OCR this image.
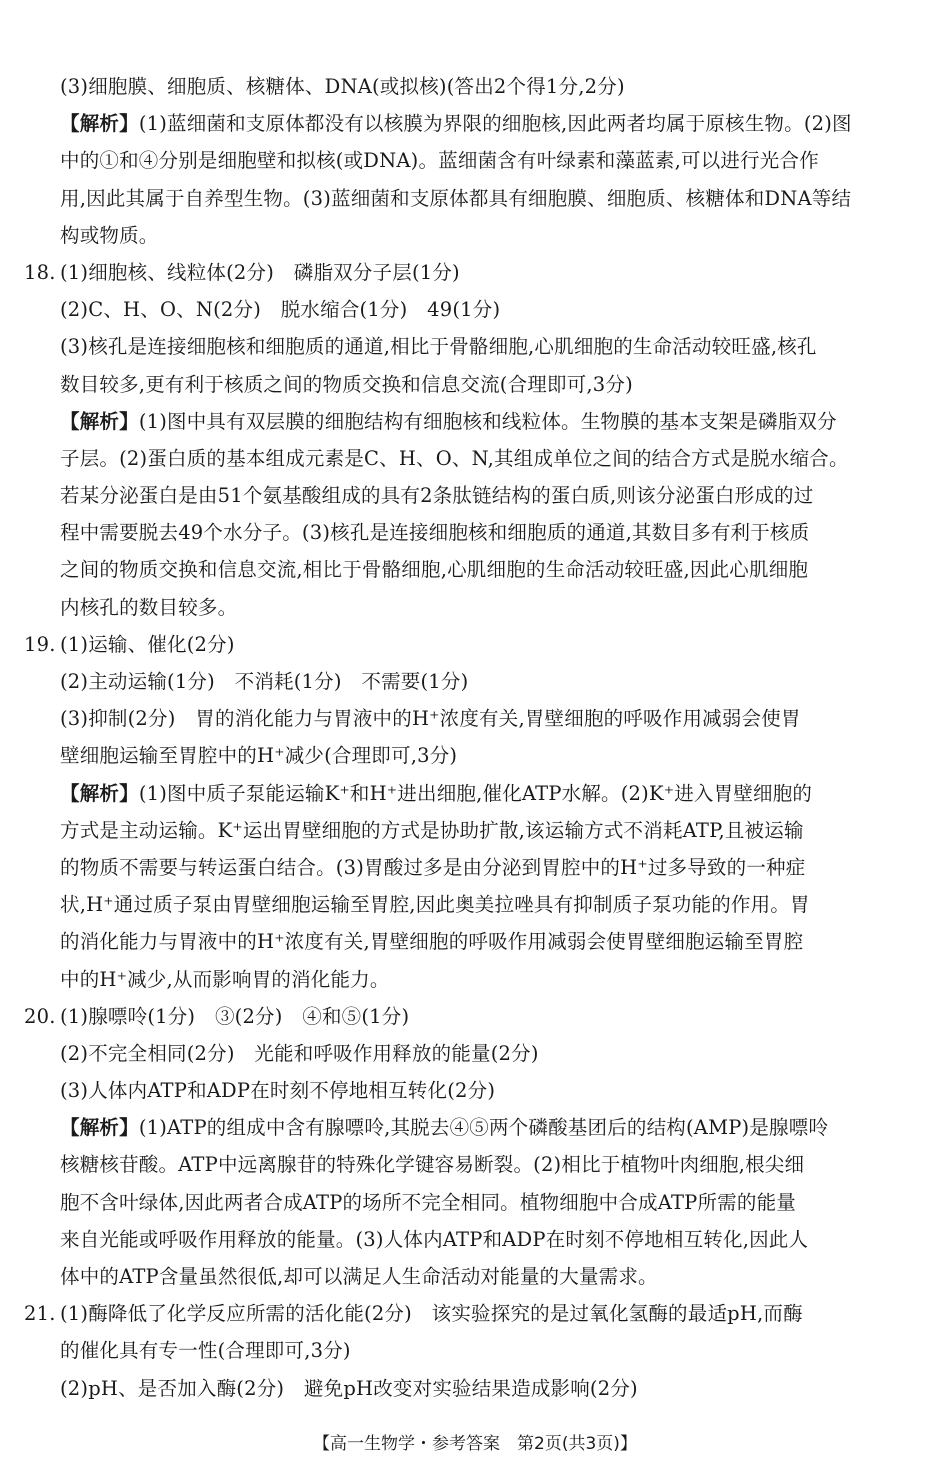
(3)细胞膜、细胞质、核糖体、DNA(或拟核)(答出2个得1分,2分)
【解析】(1)蓝细菌和支原体都没有以核膜为界限的细胞核,因此两者均属于原核生物。(2)图
中的①和④分别是细胞壁和拟核(或DNA)。蓝细菌含有叶绿素和藻蓝素,可以进行光合作
用,因此其属于自养型生物。(3)蓝细菌和支原体都具有细胞膜、细胞质、核糖体和DNA等结
构或物质。
18. (1)细胞核、线粒体(2分)　磷脂双分子层(1分)
(2)C、H、O、N(2分)　脱水缩合(1分)　49(1分)
(3)核孔是连接细胞核和细胞质的通道,相比于骨骼细胞,心肌细胞的生命活动较旺盛,核孔
数目较多,更有利于核质之间的物质交换和信息交流(合理即可,3分)
【解析】(1)图中具有双层膜的细胞结构有细胞核和线粒体。生物膜的基本支架是磷脂双分
子层。(2)蛋白质的基本组成元素是C、H、O、N,其组成单位之间的结合方式是脱水缩合。
若某分泌蛋白是由51个氨基酸组成的具有2条肽链结构的蛋白质,则该分泌蛋白形成的过
程中需要脱去49个水分子。(3)核孔是连接细胞核和细胞质的通道,其数目多有利于核质
之间的物质交换和信息交流,相比于骨骼细胞,心肌细胞的生命活动较旺盛,因此心肌细胞
内核孔的数目较多。
19. (1)运输、催化(2分)
(2)主动运输(1分)　不消耗(1分)　不需要(1分)
(3)抑制(2分)　胃的消化能力与胃液中的H⁺浓度有关,胃壁细胞的呼吸作用减弱会使胃
壁细胞运输至胃腔中的H⁺减少(合理即可,3分)
【解析】(1)图中质子泵能运输K⁺和H⁺进出细胞,催化ATP水解。(2)K⁺进入胃壁细胞的
方式是主动运输。K⁺运出胃壁细胞的方式是协助扩散,该运输方式不消耗ATP,且被运输
的物质不需要与转运蛋白结合。(3)胃酸过多是由分泌到胃腔中的H⁺过多导致的一种症
状,H⁺通过质子泵由胃壁细胞运输至胃腔,因此奥美拉唑具有抑制质子泵功能的作用。胃
的消化能力与胃液中的H⁺浓度有关,胃壁细胞的呼吸作用减弱会使胃壁细胞运输至胃腔
中的H⁺减少,从而影响胃的消化能力。
20. (1)腺嘌呤(1分)　③(2分)　④和⑤(1分)
(2)不完全相同(2分)　光能和呼吸作用释放的能量(2分)
(3)人体内ATP和ADP在时刻不停地相互转化(2分)
【解析】(1)ATP的组成中含有腺嘌呤,其脱去④⑤两个磷酸基团后的结构(AMP)是腺嘌呤
核糖核苷酸。ATP中远离腺苷的特殊化学键容易断裂。(2)相比于植物叶肉细胞,根尖细
胞不含叶绿体,因此两者合成ATP的场所不完全相同。植物细胞中合成ATP所需的能量
来自光能或呼吸作用释放的能量。(3)人体内ATP和ADP在时刻不停地相互转化,因此人
体中的ATP含量虽然很低,却可以满足人生命活动对能量的大量需求。
21. (1)酶降低了化学反应所需的活化能(2分)　该实验探究的是过氧化氢酶的最适pH,而酶
的催化具有专一性(合理即可,3分)
(2)pH、是否加入酶(2分)　避免pH改变对实验结果造成影响(2分)
【高一生物学・参考答案　第2页(共3页)】
